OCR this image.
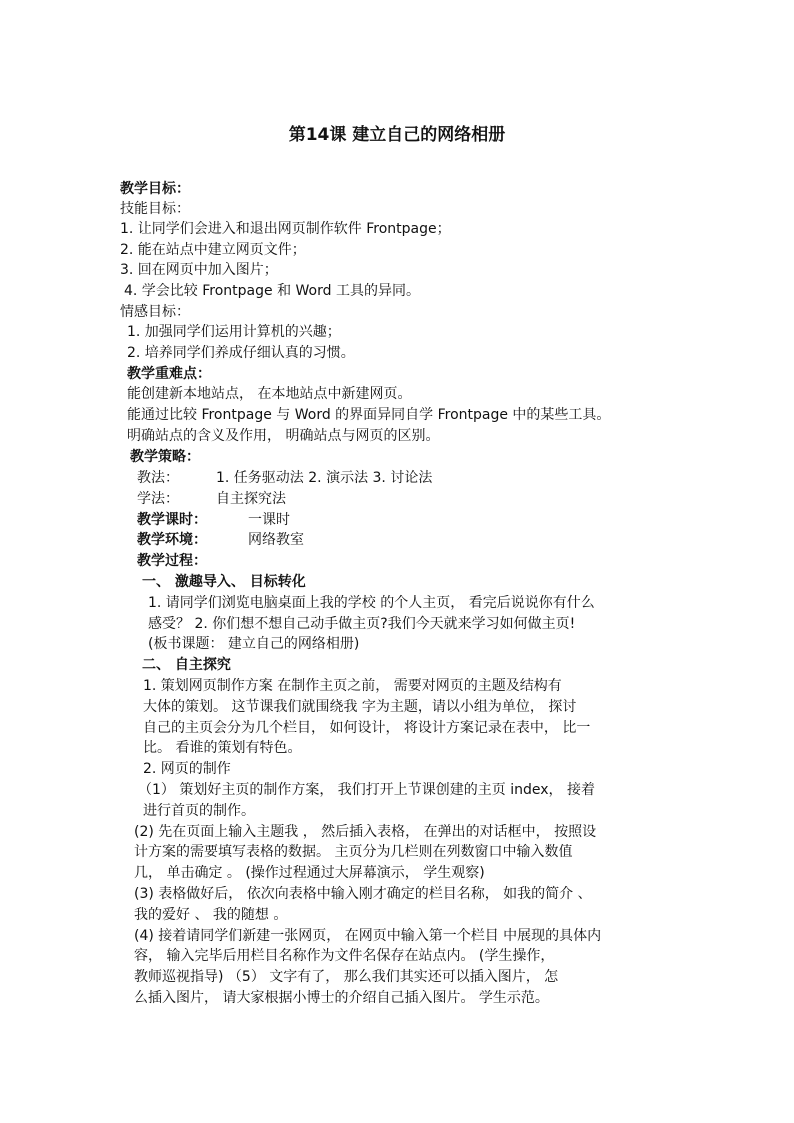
第14课 建立自己的网络相册
教学目标：
技能目标：
1. 让同学们会进入和退出网页制作软件 Frontpage；
2. 能在站点中建立网页文件；
3. 回在网页中加入图片；
4. 学会比较 Frontpage 和 Word 工具的异同。
情感目标：
1. 加强同学们运用计算机的兴趣；
2. 培养同学们养成仔细认真的习惯。
教学重难点：
能创建新本地站点， 在本地站点中新建网页。
能通过比较 Frontpage 与 Word 的界面异同自学 Frontpage 中的某些工具。
明确站点的含义及作用， 明确站点与网页的区别。
教学策略：
教法：	1. 任务驱动法 2. 演示法 3. 讨论法
学法：	自主探究法
教学课时：	一课时
教学环境：	网络教室
教学过程：
一、 激趣导入、 目标转化
1. 请同学们浏览电脑桌面上我的学校 的个人主页， 看完后说说你有什么
感受？ 2. 你们想不想自己动手做主页?我们今天就来学习如何做主页!
(板书课题： 建立自己的网络相册)
二、 自主探究
1. 策划网页制作方案 在制作主页之前， 需要对网页的主题及结构有
大体的策划。 这节课我们就围绕我 字为主题，请以小组为单位， 探讨
自己的主页会分为几个栏目， 如何设计， 将设计方案记录在表中， 比一
比。 看谁的策划有特色。
2. 网页的制作
（1） 策划好主页的制作方案， 我们打开上节课创建的主页 index， 接着
进行首页的制作。
(2) 先在页面上输入主题我 ， 然后插入表格， 在弹出的对话框中， 按照设
计方案的需要填写表格的数据。 主页分为几栏则在列数窗口中输入数值
几， 单击确定 。 (操作过程通过大屏幕演示， 学生观察)
(3) 表格做好后， 依次向表格中输入刚才确定的栏目名称， 如我的简介 、
我的爱好 、 我的随想 。
(4) 接着请同学们新建一张网页， 在网页中输入第一个栏目 中展现的具体内
容， 输入完毕后用栏目名称作为文件名保存在站点内。 (学生操作，
教师巡视指导) （5） 文字有了， 那么我们其实还可以插入图片， 怎
么插入图片， 请大家根据小博士的介绍自己插入图片。 学生示范。
